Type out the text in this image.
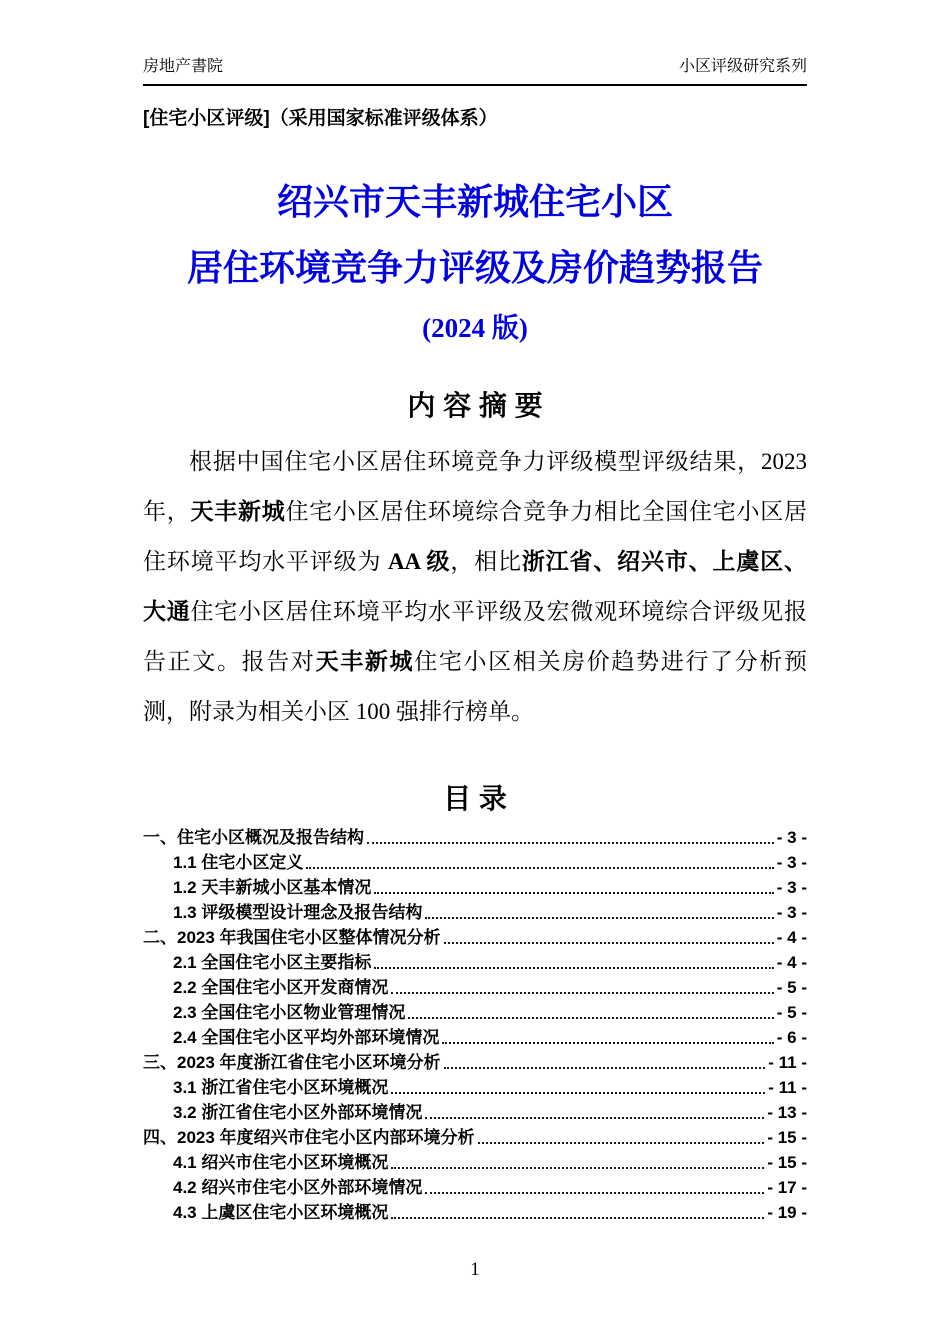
房地产書院	小区评级研究系列
[住宅小区评级]（采用国家标准评级体系）
绍兴市天丰新城住宅小区
居住环境竞争力评级及房价趋势报告
(2024 版)
内 容 摘 要

根据中国住宅小区居住环境竞争力评级模型评级结果，2023 年，天丰新城住宅小区居住环境综合竞争力相比全国住宅小区居住环境平均水平评级为 AA 级，相比浙江省、绍兴市、上虞区、大通住宅小区居住环境平均水平评级及宏微观环境综合评级见报告正文。报告对天丰新城住宅小区相关房价趋势进行了分析预测，附录为相关小区 100 强排行榜单。

目 录
一、住宅小区概况及报告结构	- 3 -
1.1 住宅小区定义	- 3 -
1.2 天丰新城小区基本情况	- 3 -
1.3 评级模型设计理念及报告结构	- 3 -
二、2023 年我国住宅小区整体情况分析	- 4 -
2.1 全国住宅小区主要指标	- 4 -
2.2 全国住宅小区开发商情况	- 5 -
2.3 全国住宅小区物业管理情况	- 5 -
2.4 全国住宅小区平均外部环境情况	- 6 -
三、2023 年度浙江省住宅小区环境分析	- 11 -
3.1 浙江省住宅小区环境概况	- 11 -
3.2 浙江省住宅小区外部环境情况	- 13 -
四、2023 年度绍兴市住宅小区内部环境分析	- 15 -
4.1 绍兴市住宅小区环境概况	- 15 -
4.2 绍兴市住宅小区外部环境情况	- 17 -
4.3 上虞区住宅小区环境概况	- 19 -
1
